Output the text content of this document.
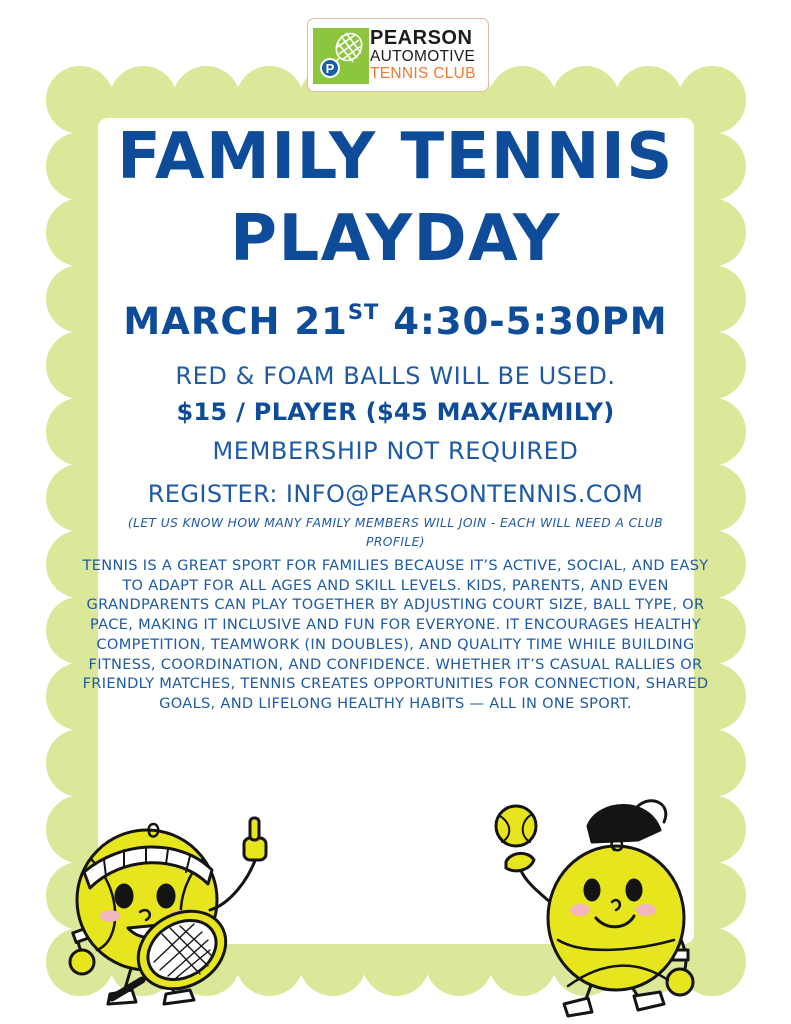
P
PEARSON
AUTOMOTIVE
TENNIS CLUB
FAMILY TENNIS
PLAYDAY
MARCH 21ST 4:30-5:30PM
RED & FOAM BALLS WILL BE USED.
$15 / PLAYER ($45 MAX/FAMILY)
MEMBERSHIP NOT REQUIRED
REGISTER: INFO@PEARSONTENNIS.COM
(LET US KNOW HOW MANY FAMILY MEMBERS WILL JOIN - EACH WILL NEED A CLUB PROFILE)
TENNIS IS A GREAT SPORT FOR FAMILIES BECAUSE IT’S ACTIVE, SOCIAL, AND EASY TO ADAPT FOR ALL AGES AND SKILL LEVELS. KIDS, PARENTS, AND EVEN GRANDPARENTS CAN PLAY TOGETHER BY ADJUSTING COURT SIZE, BALL TYPE, OR PACE, MAKING IT INCLUSIVE AND FUN FOR EVERYONE. IT ENCOURAGES HEALTHY COMPETITION, TEAMWORK (IN DOUBLES), AND QUALITY TIME WHILE BUILDING FITNESS, COORDINATION, AND CONFIDENCE. WHETHER IT’S CASUAL RALLIES OR FRIENDLY MATCHES, TENNIS CREATES OPPORTUNITIES FOR CONNECTION, SHARED GOALS, AND LIFELONG HEALTHY HABITS — ALL IN ONE SPORT.
